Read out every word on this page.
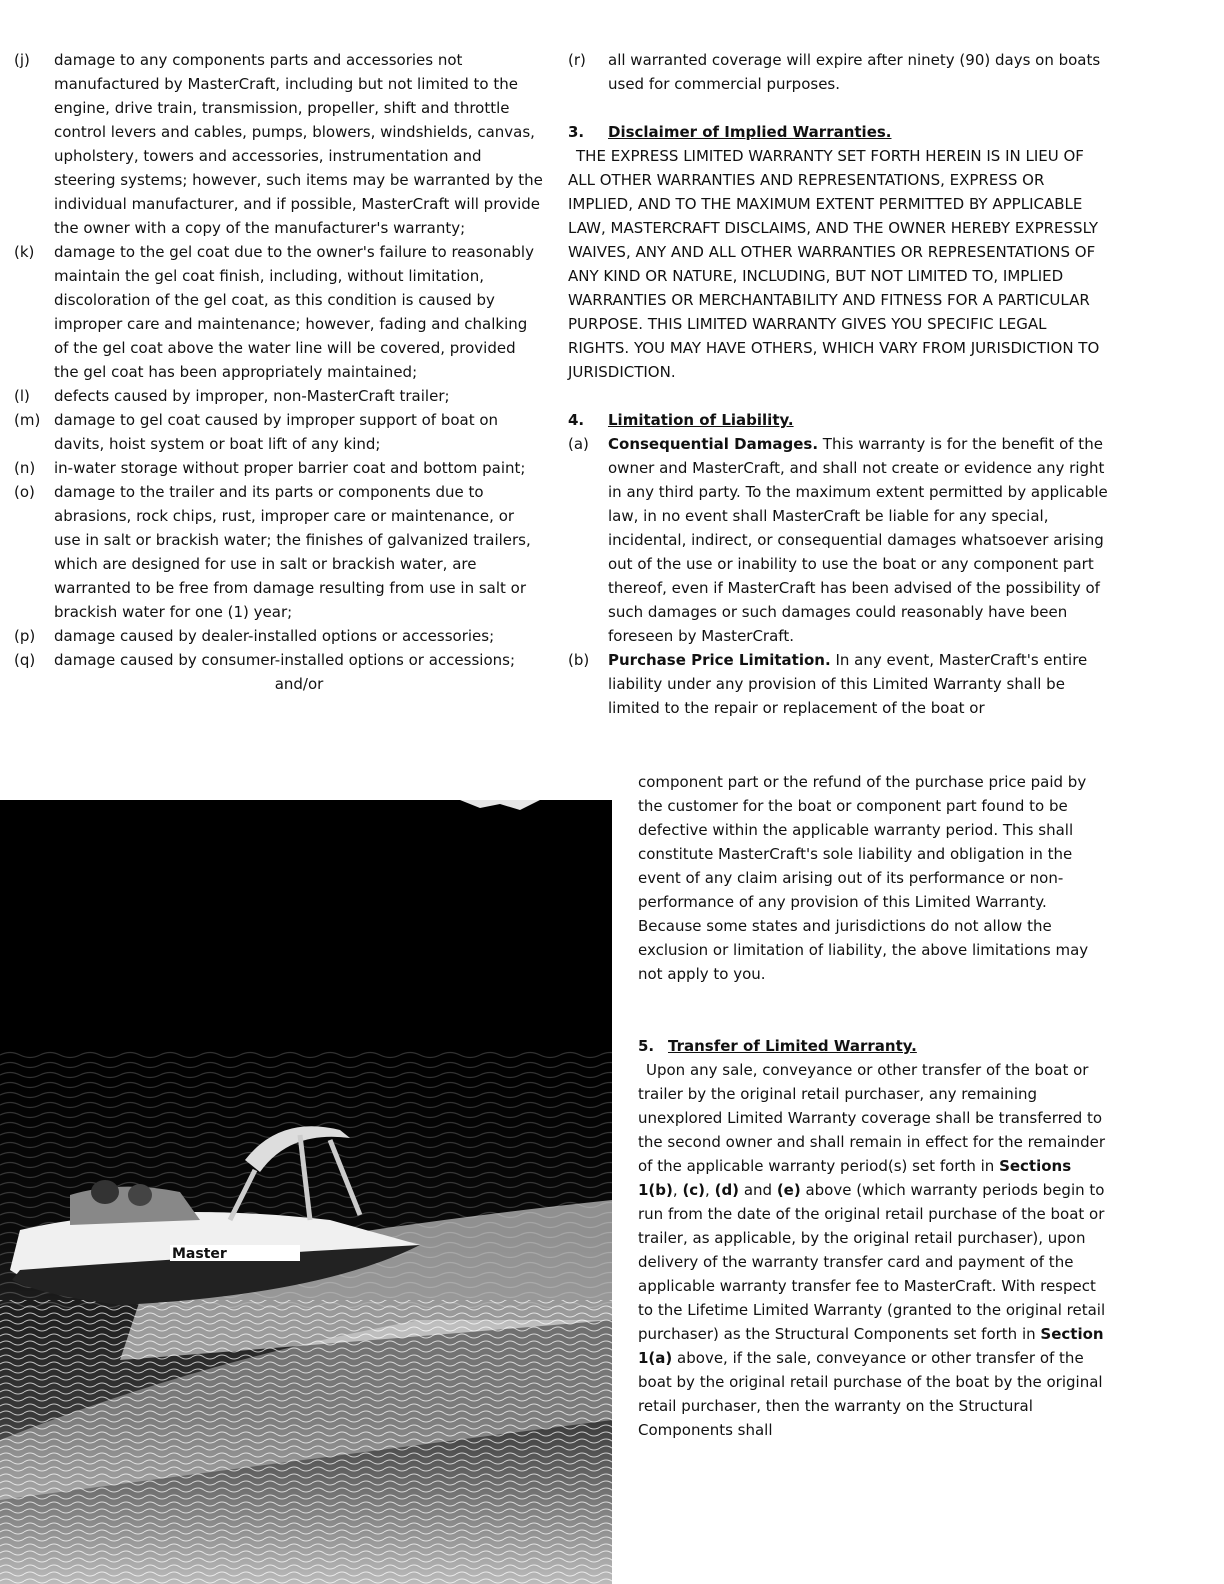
(j) damage to any components parts and accessories not manufactured by MasterCraft, including but not limited to the engine, drive train, transmission, propeller, shift and throttle control levers and cables, pumps, blowers, windshields, canvas, upholstery, towers and accessories, instrumentation and steering systems; however, such items may be warranted by the individual manufacturer, and if possible, MasterCraft will provide the owner with a copy of the manufacturer's warranty;
(k) damage to the gel coat due to the owner's failure to reasonably maintain the gel coat finish, including, without limitation, discoloration of the gel coat, as this condition is caused by improper care and maintenance; however, fading and chalking of the gel coat above the water line will be covered, provided the gel coat has been appropriately maintained;
(l) defects caused by improper, non-MasterCraft trailer;
(m) damage to gel coat caused by improper support of boat on davits, hoist system or boat lift of any kind;
(n) in-water storage without proper barrier coat and bottom paint;
(o) damage to the trailer and its parts or components due to abrasions, rock chips, rust, improper care or maintenance, or use in salt or brackish water; the finishes of galvanized trailers, which are designed for use in salt or brackish water, are warranted to be free from damage resulting from use in salt or brackish water for one (1) year;
(p) damage caused by dealer-installed options or accessories;
(q) damage caused by consumer-installed options or accessions;

and/or

(r) all warranted coverage will expire after ninety (90) days on boats used for commercial purposes.

3. Disclaimer of Implied Warranties.

THE EXPRESS LIMITED WARRANTY SET FORTH HEREIN IS IN LIEU OF ALL OTHER WARRANTIES AND REPRESENTATIONS, EXPRESS OR IMPLIED, AND TO THE MAXIMUM EXTENT PERMITTED BY APPLICABLE LAW, MASTERCRAFT DISCLAIMS, AND THE OWNER HEREBY EXPRESSLY WAIVES, ANY AND ALL OTHER WARRANTIES OR REPRESENTATIONS OF ANY KIND OR NATURE, INCLUDING, BUT NOT LIMITED TO, IMPLIED WARRANTIES OR MERCHANTABILITY AND FITNESS FOR A PARTICULAR PURPOSE. THIS LIMITED WARRANTY GIVES YOU SPECIFIC LEGAL RIGHTS. YOU MAY HAVE OTHERS, WHICH VARY FROM JURISDICTION TO JURISDICTION.

4. Limitation of Liability.

(a) Consequential Damages. This warranty is for the benefit of the owner and MasterCraft, and shall not create or evidence any right in any third party. To the maximum extent permitted by applicable law, in no event shall MasterCraft be liable for any special, incidental, indirect, or consequential damages whatsoever arising out of the use or inability to use the boat or any component part thereof, even if MasterCraft has been advised of the possibility of such damages or such damages could reasonably have been foreseen by MasterCraft.
(b) Purchase Price Limitation. In any event, MasterCraft's entire liability under any provision of this Limited Warranty shall be limited to the repair or replacement of the boat or

component part or the refund of the purchase price paid by the customer for the boat or component part found to be defective within the applicable warranty period. This shall constitute MasterCraft's sole liability and obligation in the event of any claim arising out of its performance or non-performance of any provision of this Limited Warranty. Because some states and jurisdictions do not allow the exclusion or limitation of liability, the above limitations may not apply to you.

5. Transfer of Limited Warranty.

Upon any sale, conveyance or other transfer of the boat or trailer by the original retail purchaser, any remaining unexplored Limited Warranty coverage shall be transferred to the second owner and shall remain in effect for the remainder of the applicable warranty period(s) set forth in Sections 1(b), (c), (d) and (e) above (which warranty periods begin to run from the date of the original retail purchase of the boat or trailer, as applicable, by the original retail purchaser), upon delivery of the warranty transfer card and payment of the applicable warranty transfer fee to MasterCraft. With respect to the Lifetime Limited Warranty (granted to the original retail purchaser) as the Structural Components set forth in Section 1(a) above, if the sale, conveyance or other transfer of the boat by the original retail purchase of the boat by the original retail purchaser, then the warranty on the Structural Components shall

Master
